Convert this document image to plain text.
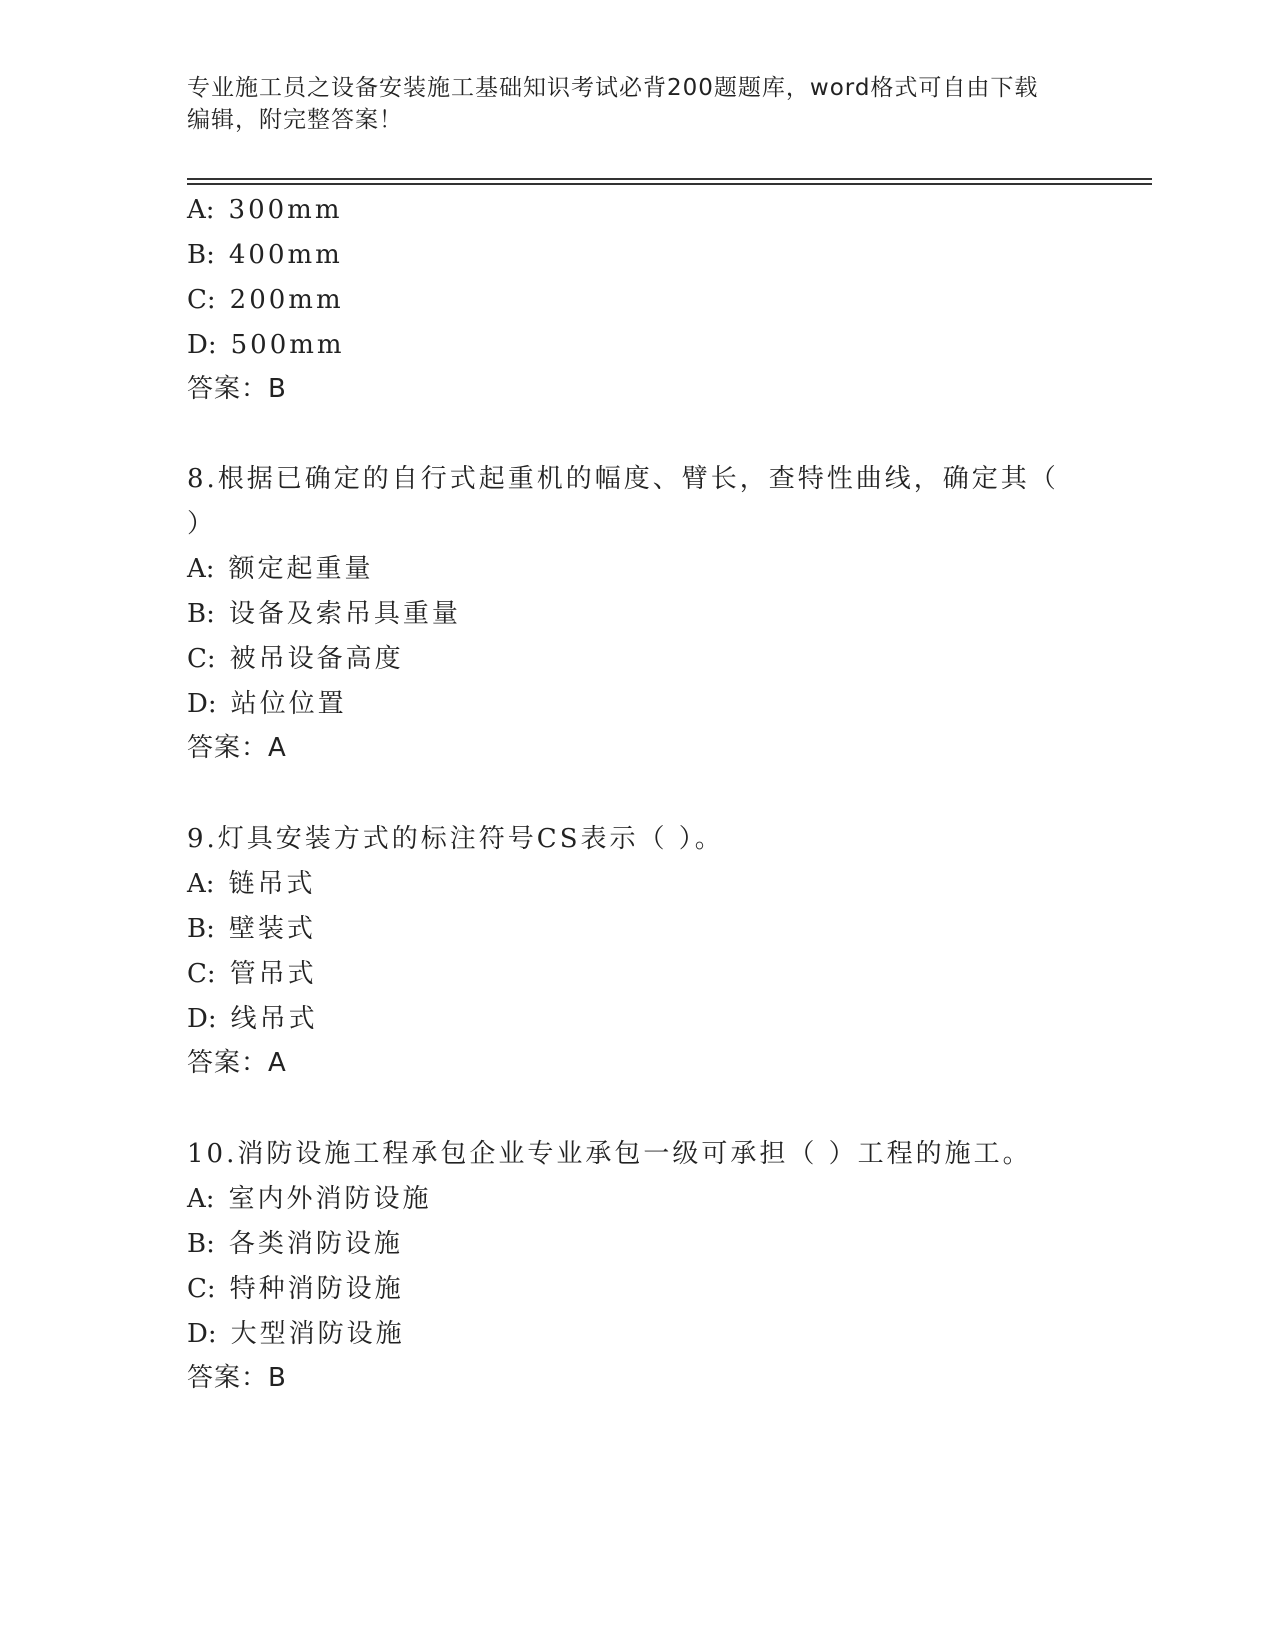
专业施工员之设备安装施工基础知识考试必背200题题库，word格式可自由下载
编辑，附完整答案！
A: 300mm
B: 400mm
C: 200mm
D: 500mm
答案：B
8.根据已确定的自行式起重机的幅度、臂长，查特性曲线，确定其（
）
A: 额定起重量
B: 设备及索吊具重量
C: 被吊设备高度
D: 站位位置
答案：A
9.灯具安装方式的标注符号CS表示（ ）。
A: 链吊式
B: 壁装式
C: 管吊式
D: 线吊式
答案：A
10.消防设施工程承包企业专业承包一级可承担（ ）工程的施工。
A: 室内外消防设施
B: 各类消防设施
C: 特种消防设施
D: 大型消防设施
答案：B
